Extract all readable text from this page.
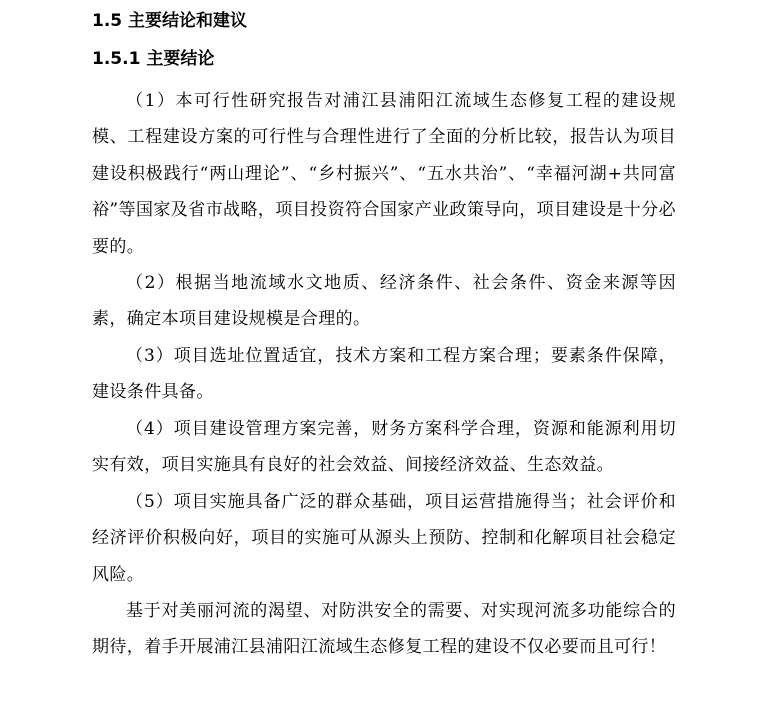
1.5 主要结论和建议
1.5.1 主要结论

（1）本可行性研究报告对浦江县浦阳江流域生态修复工程的建设规模、工程建设方案的可行性与合理性进行了全面的分析比较，报告认为项目建设积极践行“两山理论”、“乡村振兴”、“五水共治”、“幸福河湖+共同富裕”等国家及省市战略，项目投资符合国家产业政策导向，项目建设是十分必要的。

（2）根据当地流域水文地质、经济条件、社会条件、资金来源等因素，确定本项目建设规模是合理的。

（3）项目选址位置适宜，技术方案和工程方案合理；要素条件保障，建设条件具备。

（4）项目建设管理方案完善，财务方案科学合理，资源和能源利用切实有效，项目实施具有良好的社会效益、间接经济效益、生态效益。

（5）项目实施具备广泛的群众基础，项目运营措施得当；社会评价和经济评价积极向好，项目的实施可从源头上预防、控制和化解项目社会稳定风险。

基于对美丽河流的渴望、对防洪安全的需要、对实现河流多功能综合的期待，着手开展浦江县浦阳江流域生态修复工程的建设不仅必要而且可行！
